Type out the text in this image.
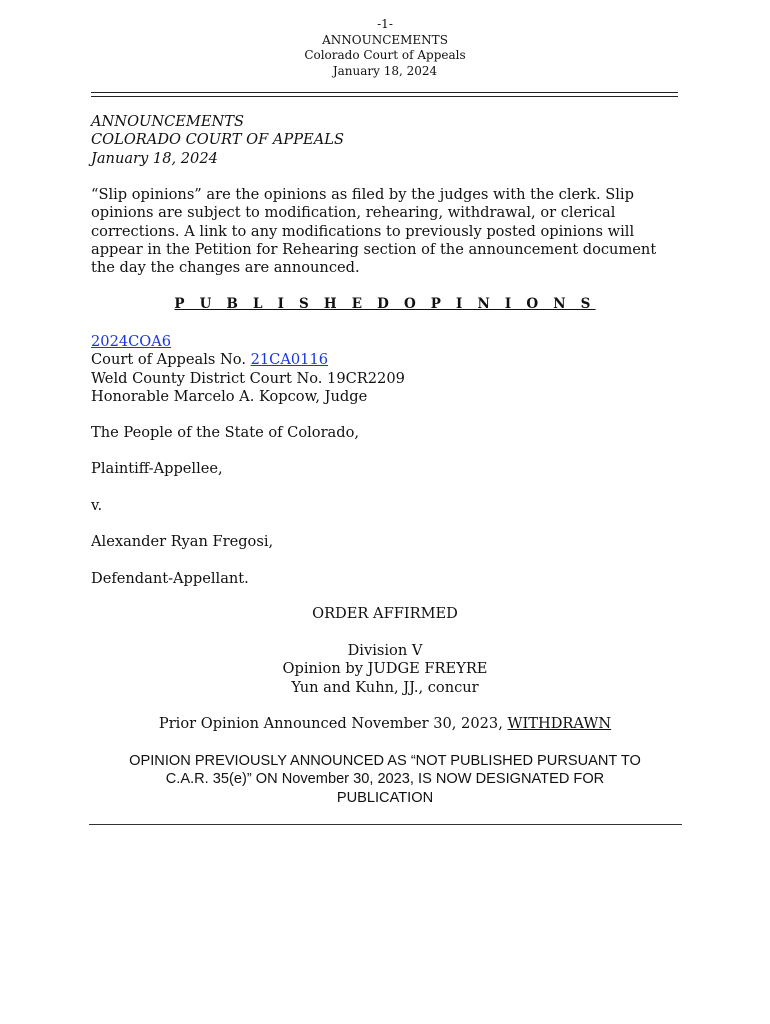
-1-
ANNOUNCEMENTS
Colorado Court of Appeals
January 18, 2024
ANNOUNCEMENTS
COLORADO COURT OF APPEALS
January 18, 2024
“Slip opinions” are the opinions as filed by the judges with the clerk. Slip
opinions are subject to modification, rehearing, withdrawal, or clerical
corrections. A link to any modifications to previously posted opinions will
appear in the Petition for Rehearing section of the announcement document
the day the changes are announced.
P U B L I S H E D O P I N I O N S
2024COA6
Court of Appeals No. 21CA0116
Weld County District Court No. 19CR2209
Honorable Marcelo A. Kopcow, Judge
The People of the State of Colorado,
Plaintiff-Appellee,
v.
Alexander Ryan Fregosi,
Defendant-Appellant.
ORDER AFFIRMED
Division V
Opinion by JUDGE FREYRE
Yun and Kuhn, JJ., concur
Prior Opinion Announced November 30, 2023, WITHDRAWN
OPINION PREVIOUSLY ANNOUNCED AS “NOT PUBLISHED PURSUANT TO
C.A.R. 35(e)” ON November 30, 2023, IS NOW DESIGNATED FOR
PUBLICATION
